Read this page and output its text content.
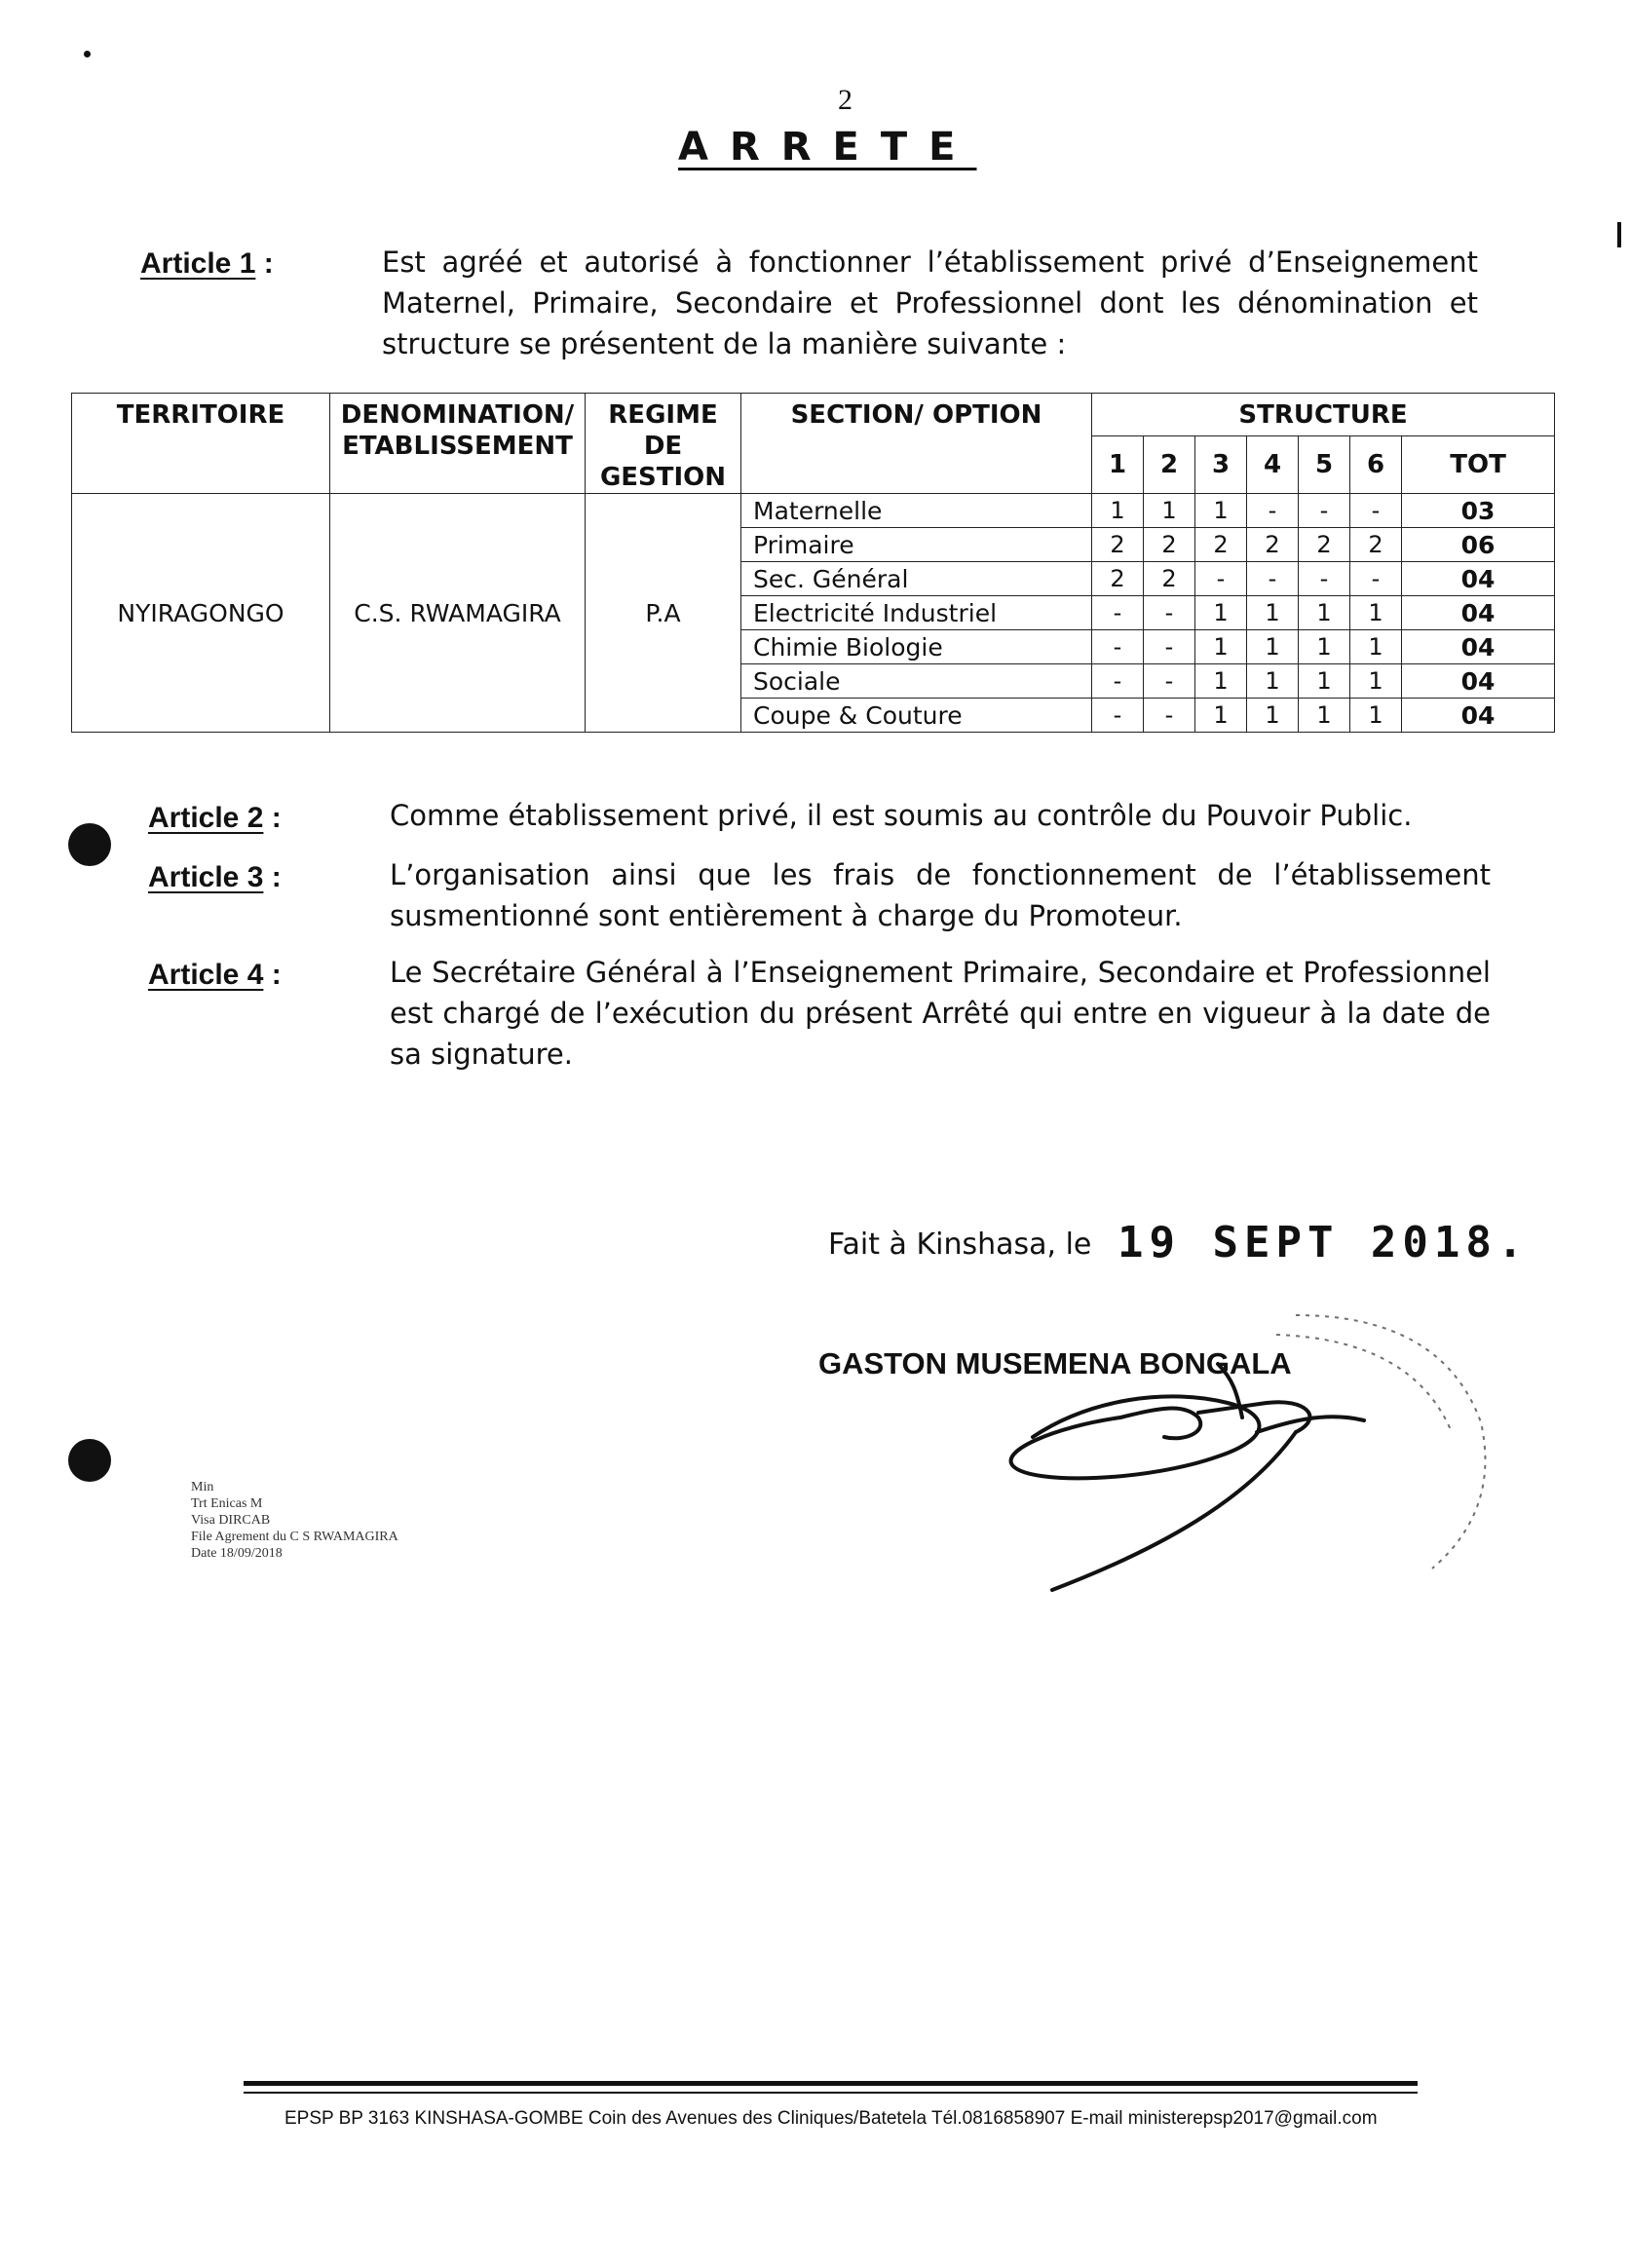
2
ARRETE
Article 1 :	Est agréé et autorisé à fonctionner l’établissement privé d’Enseignement Maternel, Primaire, Secondaire et Professionnel dont les dénomination et structure se présentent de la manière suivante :
TERRITOIRE	DENOMINATION/ ETABLISSEMENT	REGIME DE GESTION	SECTION/ OPTION	STRUCTURE						
				1	2	3	4	5	6	TOT
NYIRAGONGO	C.S. RWAMAGIRA	P.A	Maternelle	1	1	1	-	-	-	03
			Primaire	2	2	2	2	2	2	06
			Sec. Général	2	2	-	-	-	-	04
			Electricité Industriel	-	-	1	1	1	1	04
			Chimie Biologie	-	-	1	1	1	1	04
			Sociale	-	-	1	1	1	1	04
			Coupe & Couture	-	-	1	1	1	1	04
Article 2 :	Comme établissement privé, il est soumis au contrôle du Pouvoir Public.
Article 3 :	L’organisation ainsi que les frais de fonctionnement de l’établissement susmentionné sont entièrement à charge du Promoteur.
Article 4 :	Le Secrétaire Général à l’Enseignement Primaire, Secondaire et Professionnel est chargé de l’exécution du présent Arrêté qui entre en vigueur à la date de sa signature.
Fait à Kinshasa, le 19 SEPT 2018.
GASTON MUSEMENA BONGALA
Min
Trt Enicas M
Visa DIRCAB
File Agrement du C S RWAMAGIRA
Date 18/09/2018
EPSP BP 3163 KINSHASA-GOMBE Coin des Avenues des Cliniques/Batetela Tél.0816858907 E-mail ministerepsp2017@gmail.com
